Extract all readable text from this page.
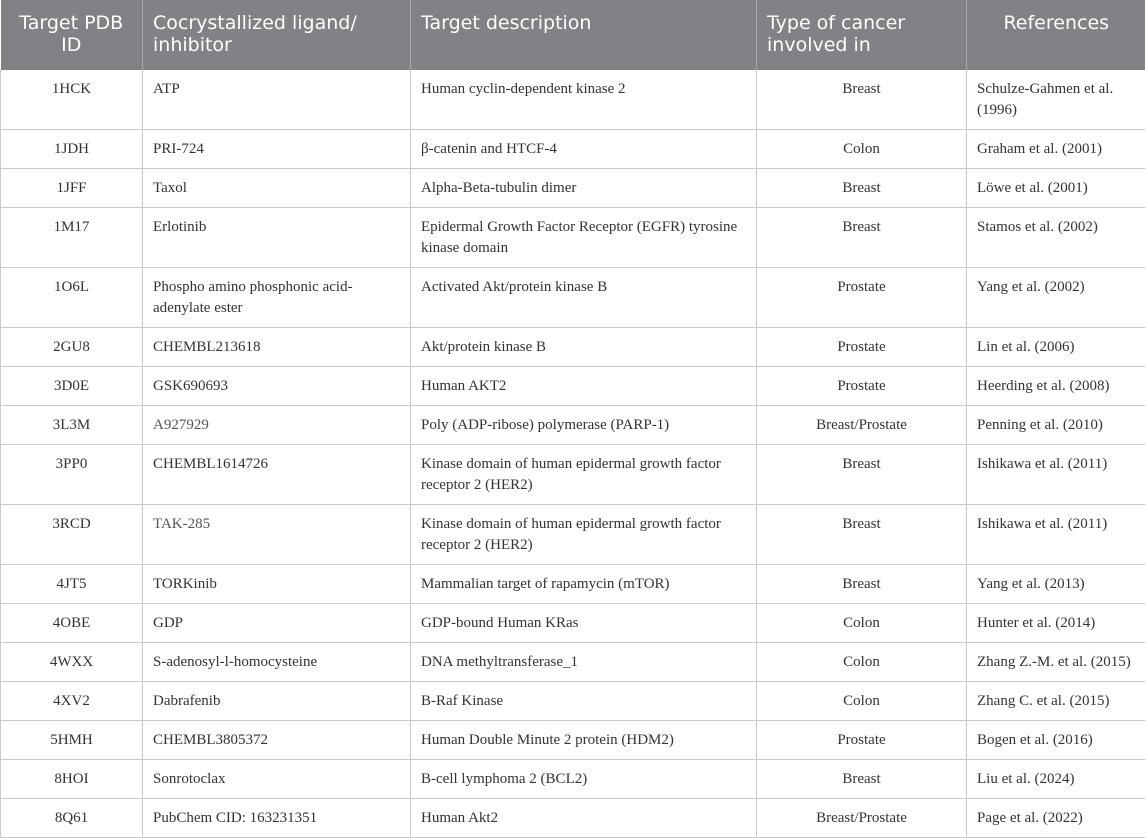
Target PDB ID	Cocrystallized ligand/ inhibitor	Target description	Type of cancer involved in	References
1HCK	ATP	Human cyclin-dependent kinase 2	Breast	Schulze-Gahmen et al. (1996)
1JDH	PRI-724	β-catenin and HTCF-4	Colon	Graham et al. (2001)
1JFF	Taxol	Alpha-Beta-tubulin dimer	Breast	Löwe et al. (2001)
1M17	Erlotinib	Epidermal Growth Factor Receptor (EGFR) tyrosine kinase domain	Breast	Stamos et al. (2002)
1O6L	Phospho amino phosphonic acid-adenylate ester	Activated Akt/protein kinase B	Prostate	Yang et al. (2002)
2GU8	CHEMBL213618	Akt/protein kinase B	Prostate	Lin et al. (2006)
3D0E	GSK690693	Human AKT2	Prostate	Heerding et al. (2008)
3L3M	A927929	Poly (ADP-ribose) polymerase (PARP-1)	Breast/Prostate	Penning et al. (2010)
3PP0	CHEMBL1614726	Kinase domain of human epidermal growth factor receptor 2 (HER2)	Breast	Ishikawa et al. (2011)
3RCD	TAK-285	Kinase domain of human epidermal growth factor receptor 2 (HER2)	Breast	Ishikawa et al. (2011)
4JT5	TORKinib	Mammalian target of rapamycin (mTOR)	Breast	Yang et al. (2013)
4OBE	GDP	GDP-bound Human KRas	Colon	Hunter et al. (2014)
4WXX	S-adenosyl-l-homocysteine	DNA methyltransferase_1	Colon	Zhang Z.-M. et al. (2015)
4XV2	Dabrafenib	B-Raf Kinase	Colon	Zhang C. et al. (2015)
5HMH	CHEMBL3805372	Human Double Minute 2 protein (HDM2)	Prostate	Bogen et al. (2016)
8HOI	Sonrotoclax	B-cell lymphoma 2 (BCL2)	Breast	Liu et al. (2024)
8Q61	PubChem CID: 163231351	Human Akt2	Breast/Prostate	Page et al. (2022)
